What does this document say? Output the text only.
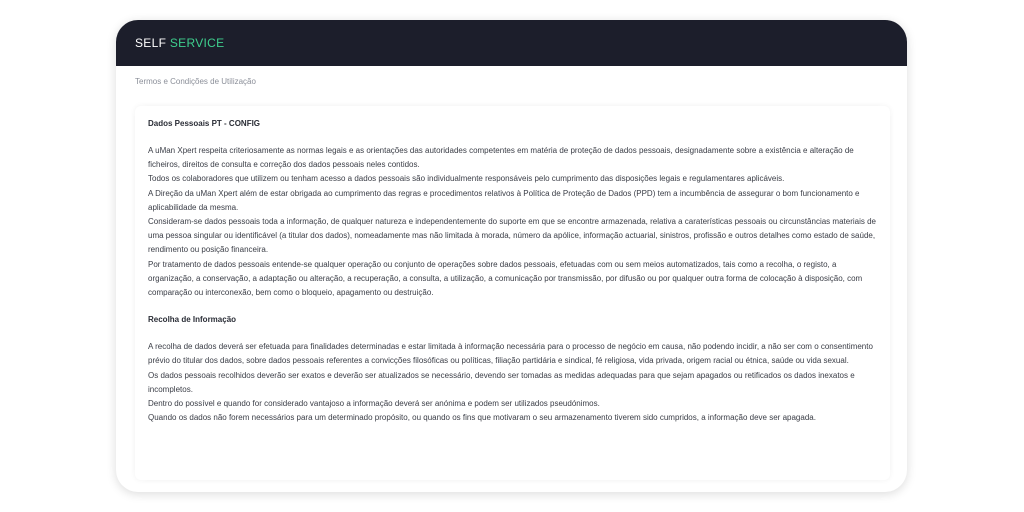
SELF SERVICE
Termos e Condições de Utilização
Dados Pessoais PT - CONFIG

A uMan Xpert respeita criteriosamente as normas legais e as orientações das autoridades competentes em matéria de proteção de dados pessoais, designadamente sobre a existência e alteração de ficheiros, direitos de consulta e correção dos dados pessoais neles contidos.

Todos os colaboradores que utilizem ou tenham acesso a dados pessoais são individualmente responsáveis pelo cumprimento das disposições legais e regulamentares aplicáveis.

A Direção da uMan Xpert além de estar obrigada ao cumprimento das regras e procedimentos relativos à Política de Proteção de Dados (PPD) tem a incumbência de assegurar o bom funcionamento e aplicabilidade da mesma.

Consideram-se dados pessoais toda a informação, de qualquer natureza e independentemente do suporte em que se encontre armazenada, relativa a caraterísticas pessoais ou circunstâncias materiais de uma pessoa singular ou identificável (a titular dos dados), nomeadamente mas não limitada à morada, número da apólice, informação actuarial, sinistros, profissão e outros detalhes como estado de saúde, rendimento ou posição financeira.

Por tratamento de dados pessoais entende-se qualquer operação ou conjunto de operações sobre dados pessoais, efetuadas com ou sem meios automatizados, tais como a recolha, o registo, a organização, a conservação, a adaptação ou alteração, a recuperação, a consulta, a utilização, a comunicação por transmissão, por difusão ou por qualquer outra forma de colocação à disposição, com comparação ou interconexão, bem como o bloqueio, apagamento ou destruição.

Recolha de Informação

A recolha de dados deverá ser efetuada para finalidades determinadas e estar limitada à informação necessária para o processo de negócio em causa, não podendo incidir, a não ser com o consentimento prévio do titular dos dados, sobre dados pessoais referentes a convicções filosóficas ou políticas, filiação partidária e sindical, fé religiosa, vida privada, origem racial ou étnica, saúde ou vida sexual.

Os dados pessoais recolhidos deverão ser exatos e deverão ser atualizados se necessário, devendo ser tomadas as medidas adequadas para que sejam apagados ou retificados os dados inexatos e incompletos.

Dentro do possível e quando for considerado vantajoso a informação deverá ser anónima e podem ser utilizados pseudónimos.

Quando os dados não forem necessários para um determinado propósito, ou quando os fins que motivaram o seu armazenamento tiverem sido cumpridos, a informação deve ser apagada.
